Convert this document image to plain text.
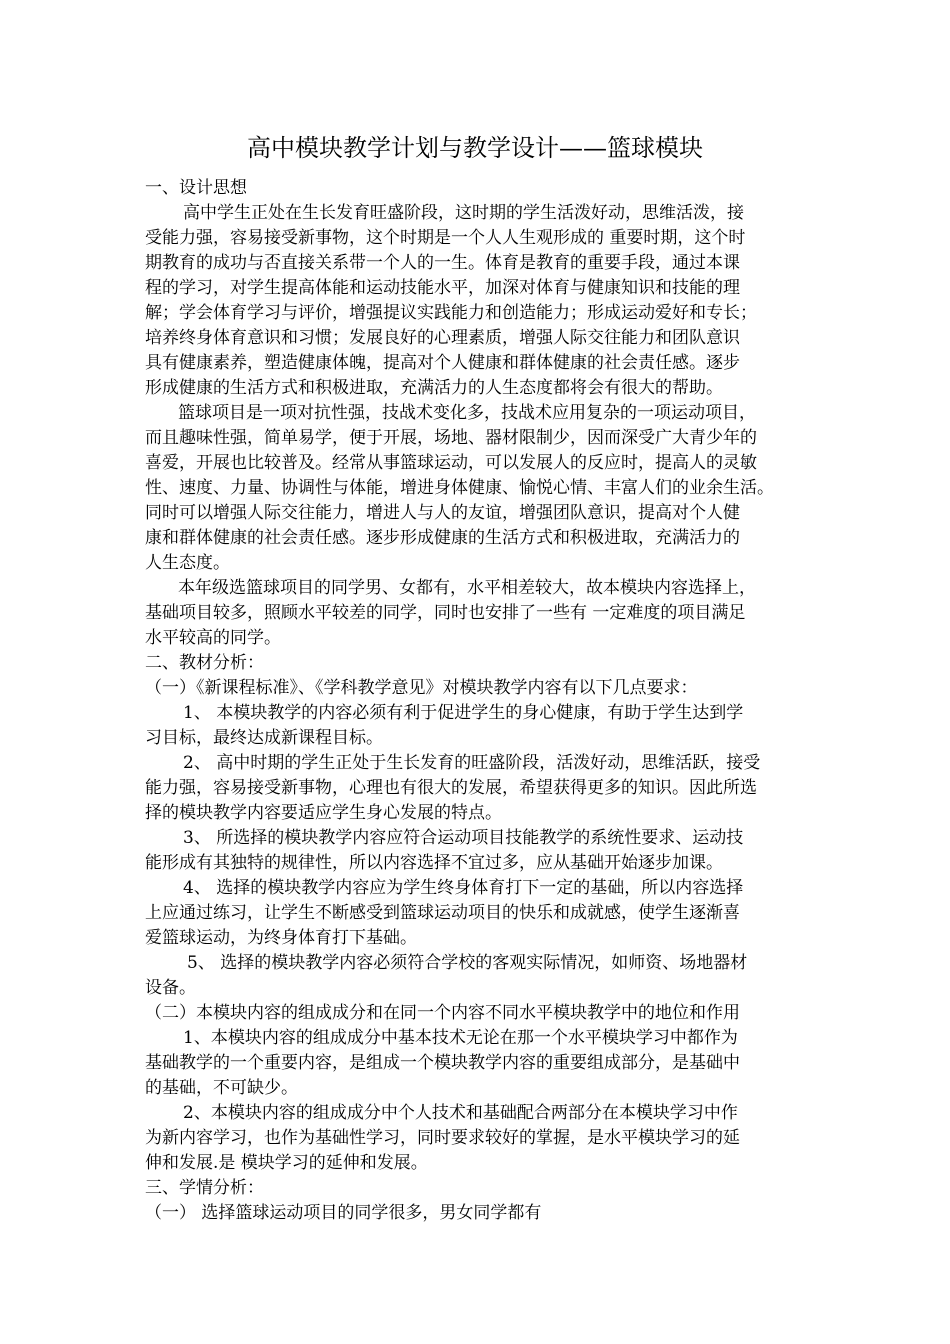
高中模块教学计划与教学设计——篮球模块
一、设计思想
高中学生正处在生长发育旺盛阶段，这时期的学生活泼好动，思维活泼，接
受能力强，容易接受新事物，这个时期是一个人人生观形成的 重要时期，这个时
期教育的成功与否直接关系带一个人的一生。体育是教育的重要手段，通过本课
程的学习，对学生提高体能和运动技能水平，加深对体育与健康知识和技能的理
解；学会体育学习与评价，增强提议实践能力和创造能力；形成运动爱好和专长；
培养终身体育意识和习惯；发展良好的心理素质，增强人际交往能力和团队意识
具有健康素养，塑造健康体魄，提高对个人健康和群体健康的社会责任感。逐步
形成健康的生活方式和积极进取，充满活力的人生态度都将会有很大的帮助。
篮球项目是一项对抗性强，技战术变化多，技战术应用复杂的一项运动项目，
而且趣味性强，简单易学，便于开展，场地、器材限制少，因而深受广大青少年的
喜爱，开展也比较普及。经常从事篮球运动，可以发展人的反应时，提高人的灵敏
性、速度、力量、协调性与体能，增进身体健康、愉悦心情、丰富人们的业余生活。
同时可以增强人际交往能力，增进人与人的友谊，增强团队意识，提高对个人健
康和群体健康的社会责任感。逐步形成健康的生活方式和积极进取，充满活力的
人生态度。
本年级选篮球项目的同学男、女都有，水平相差较大，故本模块内容选择上，
基础项目较多，照顾水平较差的同学，同时也安排了一些有 一定难度的项目满足
水平较高的同学。
二、教材分析：
（一）《新课程标准》、《学科教学意见》对模块教学内容有以下几点要求：
1、 本模块教学的内容必须有利于促进学生的身心健康，有助于学生达到学
习目标，最终达成新课程目标。
2、 高中时期的学生正处于生长发育的旺盛阶段，活泼好动，思维活跃，接受
能力强，容易接受新事物，心理也有很大的发展，希望获得更多的知识。因此所选
择的模块教学内容要适应学生身心发展的特点。
3、 所选择的模块教学内容应符合运动项目技能教学的系统性要求、运动技
能形成有其独特的规律性，所以内容选择不宜过多，应从基础开始逐步加课。
4、 选择的模块教学内容应为学生终身体育打下一定的基础，所以内容选择
上应通过练习，让学生不断感受到篮球运动项目的快乐和成就感，使学生逐渐喜
爱篮球运动，为终身体育打下基础。
5、 选择的模块教学内容必须符合学校的客观实际情况，如师资、场地器材
设备。
（二）本模块内容的组成成分和在同一个内容不同水平模块教学中的地位和作用
1、本模块内容的组成成分中基本技术无论在那一个水平模块学习中都作为
基础教学的一个重要内容，是组成一个模块教学内容的重要组成部分，是基础中
的基础，不可缺少。
2、本模块内容的组成成分中个人技术和基础配合两部分在本模块学习中作
为新内容学习，也作为基础性学习，同时要求较好的掌握，是水平模块学习的延
伸和发展.是 模块学习的延伸和发展。
三、学情分析：
（一） 选择篮球运动项目的同学很多，男女同学都有
